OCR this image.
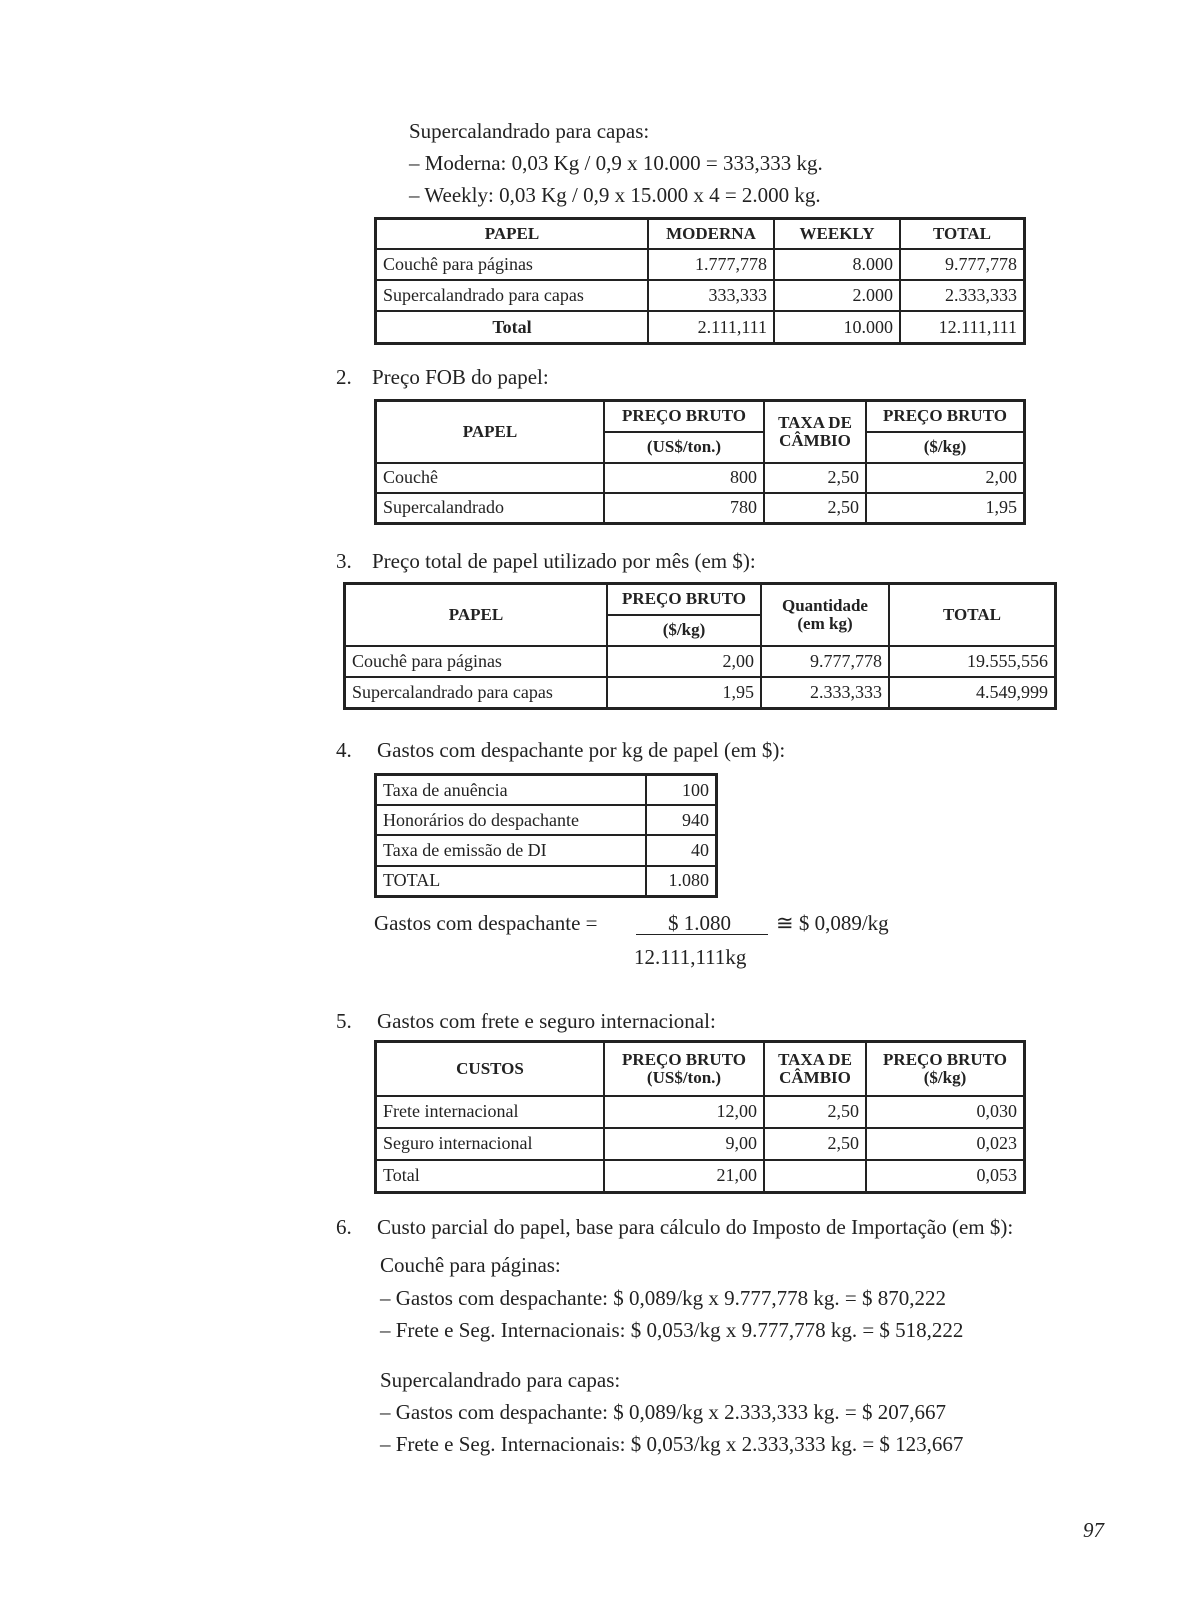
Supercalandrado para capas:
– Moderna: 0,03 Kg / 0,9 x 10.000 = 333,333 kg.
– Weekly: 0,03 Kg / 0,9 x 15.000 x 4 = 2.000 kg.
PAPEL	MODERNA	WEEKLY	TOTAL
Couchê para páginas	1.777,778	8.000	9.777,778
Supercalandrado para capas	333,333	2.000	2.333,333
Total	2.111,111	10.000	12.111,111
2. Preço FOB do papel:
PAPEL	PREÇO BRUTO	TAXA DE CÂMBIO	PREÇO BRUTO
	(US$/ton.)		($/kg)
Couchê	800	2,50	2,00
Supercalandrado	780	2,50	1,95
3. Preço total de papel utilizado por mês (em $):
PAPEL	PREÇO BRUTO	Quantidade (em kg)	TOTAL
	($/kg)		
Couchê para páginas	2,00	9.777,778	19.555,556
Supercalandrado para capas	1,95	2.333,333	4.549,999
4. Gastos com despachante por kg de papel (em $):
Taxa de anuência	100
Honorários do despachante	940
Taxa de emissão de DI	40
TOTAL	1.080
Gastos com despachante =	$ 1.080 ≅ $ 0,089/kg
12.111,111kg
5. Gastos com frete e seguro internacional:
CUSTOS	PREÇO BRUTO (US$/ton.)	TAXA DE CÂMBIO	PREÇO BRUTO ($/kg)
Frete internacional	12,00	2,50	0,030
Seguro internacional	9,00	2,50	0,023
Total	21,00		0,053
6. Custo parcial do papel, base para cálculo do Imposto de Importação (em $):
Couchê para páginas:
– Gastos com despachante: $ 0,089/kg x 9.777,778 kg. = $ 870,222
– Frete e Seg. Internacionais: $ 0,053/kg x 9.777,778 kg. = $ 518,222
Supercalandrado para capas:
– Gastos com despachante: $ 0,089/kg x 2.333,333 kg. = $ 207,667
– Frete e Seg. Internacionais: $ 0,053/kg x 2.333,333 kg. = $ 123,667
97
